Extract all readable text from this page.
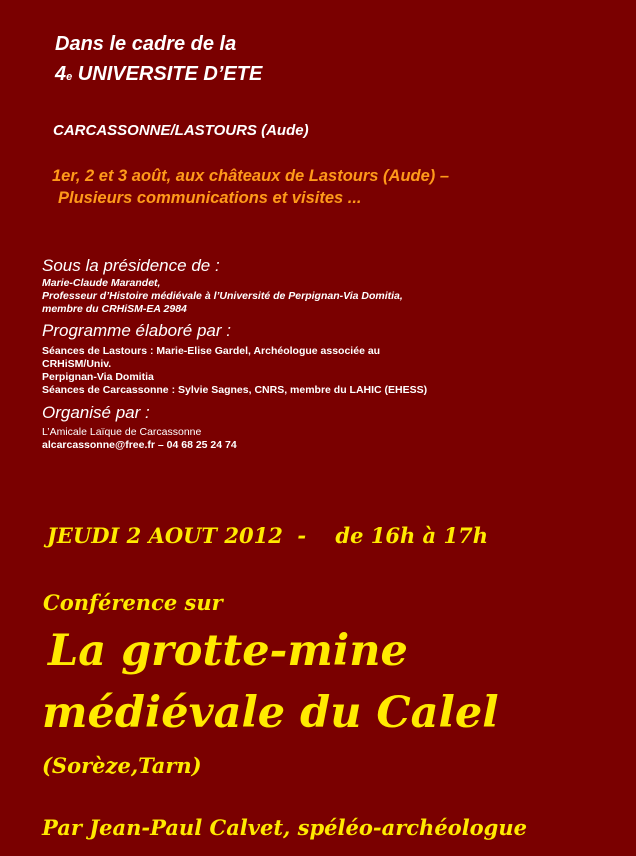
Dans le cadre de la
4e UNIVERSITE D’ETE
CARCASSONNE/LASTOURS (Aude)
1er, 2 et 3 août, aux châteaux de Lastours (Aude) –
Plusieurs communications et visites ...
Sous la présidence de :
Marie-Claude Marandet,
Professeur d’Histoire médiévale à l’Université de Perpignan-Via Domitia,
membre du CRHiSM-EA 2984
Programme élaboré par :
Séances de Lastours : Marie-Elise Gardel, Archéologue associée au
CRHiSM/Univ.
Perpignan-Via Domitia
Séances de Carcassonne : Sylvie Sagnes, CNRS, membre du LAHIC (EHESS)
Organisé par :
L’Amicale Laïque de Carcassonne
alcarcassonne@free.fr – 04 68 25 24 74
JEUDI 2 AOUT 2012  -    de 16h à 17h
Conférence sur
La grotte-mine
médiévale du Calel
(Sorèze,Tarn)
Par Jean-Paul Calvet, spéléo-archéologue
